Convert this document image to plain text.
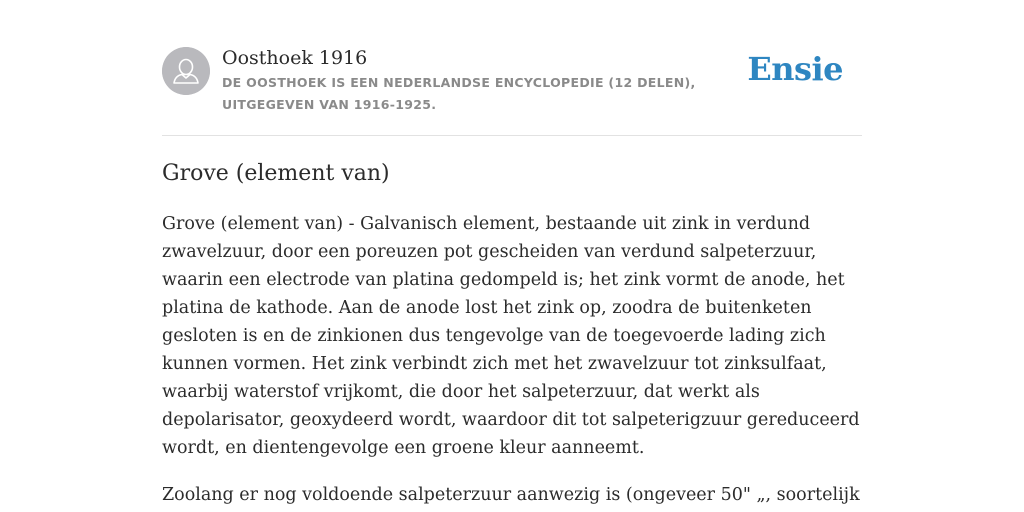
Oosthoek 1916
DE OOSTHOEK IS EEN NEDERLANDSE ENCYCLOPEDIE (12 DELEN), UITGEGEVEN VAN 1916-1925.
Ensie
Grove (element van)

Grove (element van) - Galvanisch element, bestaande uit zink in verdund zwavelzuur, door een poreuzen pot gescheiden van verdund salpeterzuur, waarin een electrode van platina gedompeld is; het zink vormt de anode, het platina de kathode. Aan de anode lost het zink op, zoodra de buitenketen gesloten is en de zinkionen dus tengevolge van de toegevoerde lading zich kunnen vormen. Het zink verbindt zich met het zwavelzuur tot zinksulfaat, waarbij waterstof vrijkomt, die door het salpeterzuur, dat werkt als depolarisator, geoxydeerd wordt, waardoor dit tot salpeterigzuur gereduceerd wordt, en dientengevolge een groene kleur aanneemt.

Zoolang er nog voldoende salpeterzuur aanwezig is (ongeveer 50" „, soortelijk
